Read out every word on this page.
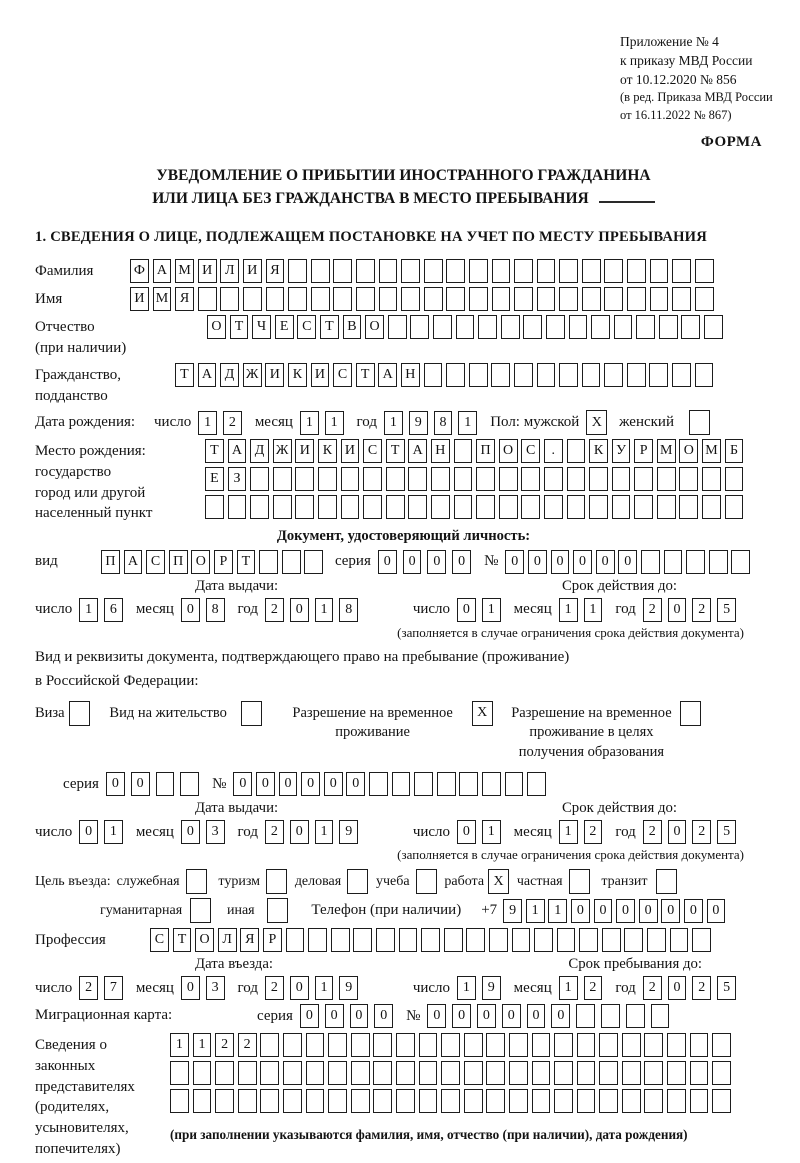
Приложение № 4
к приказу МВД России
от 10.12.2020 № 856
(в ред. Приказа МВД России
от 16.11.2022 № 867)
ФОРМА
УВЕДОМЛЕНИЕ О ПРИБЫТИИ ИНОСТРАННОГО ГРАЖДАНИНА
ИЛИ ЛИЦА БЕЗ ГРАЖДАНСТВА В МЕСТО ПРЕБЫВАНИЯ
1. СВЕДЕНИЯ О ЛИЦЕ, ПОДЛЕЖАЩЕМ ПОСТАНОВКЕ НА УЧЕТ ПО МЕСТУ ПРЕБЫВАНИЯ
Фамилия	Ф А М И Л И Я
Имя	И М Я
Отчество
(при наличии)
О Т Ч Е С Т В О
Гражданство,
подданство
Т А Д Ж И К И С Т А Н
Дата рождения:	число 1	2	месяц 1	1	год 1	9	8	1	Пол: мужской X	женский
Место рождения:
государство
город или другой
населенный пункт
Т А Д Ж И К И С Т А Н	П О С	.	К У Р М О М Б
Е	З
Документ, удостоверяющий личность:
вид	П А С П О Р	Т	серия 0	0	0	0	№ 0	0	0	0	0	0
Дата выдачи:	Срок действия до:
число 1	6	месяц 0	8	год 2	0	1	8	число 0	1	месяц 1	1	год 2	0	2	5
(заполняется в случае ограничения срока действия документа)
Вид и реквизиты документа, подтверждающего право на пребывание (проживание)
в Российской Федерации:
Виза	Вид на жительство	Разрешение на временное проживание
X	Разрешение на временное проживание в целях получения образования
серия 0	0	№ 0	0	0	0	0	0
Дата выдачи:	Срок действия до:
число 0	1	месяц 0	3	год 2	0	1	9	число 0	1	месяц 1	2	год 2	0	2	5
(заполняется в случае ограничения срока действия документа)
Цель въезда: служебная	туризм деловая учеба работа X частная	транзит
гуманитарная	иная	Телефон (при наличии) +7 9	1	1	0	0	0	0	0	0	0
Профессия	С Т О Л Я	Р
Дата въезда:	Срок пребывания до:
число 2	7	месяц 0	3	год 2	0	1	9	число 1	9	месяц 1	2	год 2	0	2	5
Миграционная карта:	серия 0	0	0	0	№ 0	0	0	0	0	0
Сведения о
законных
представителях
(родителях,
усыновителях,
попечителях)
1	1	2	2
(при заполнении указываются фамилия, имя, отчество (при наличии), дата рождения)
